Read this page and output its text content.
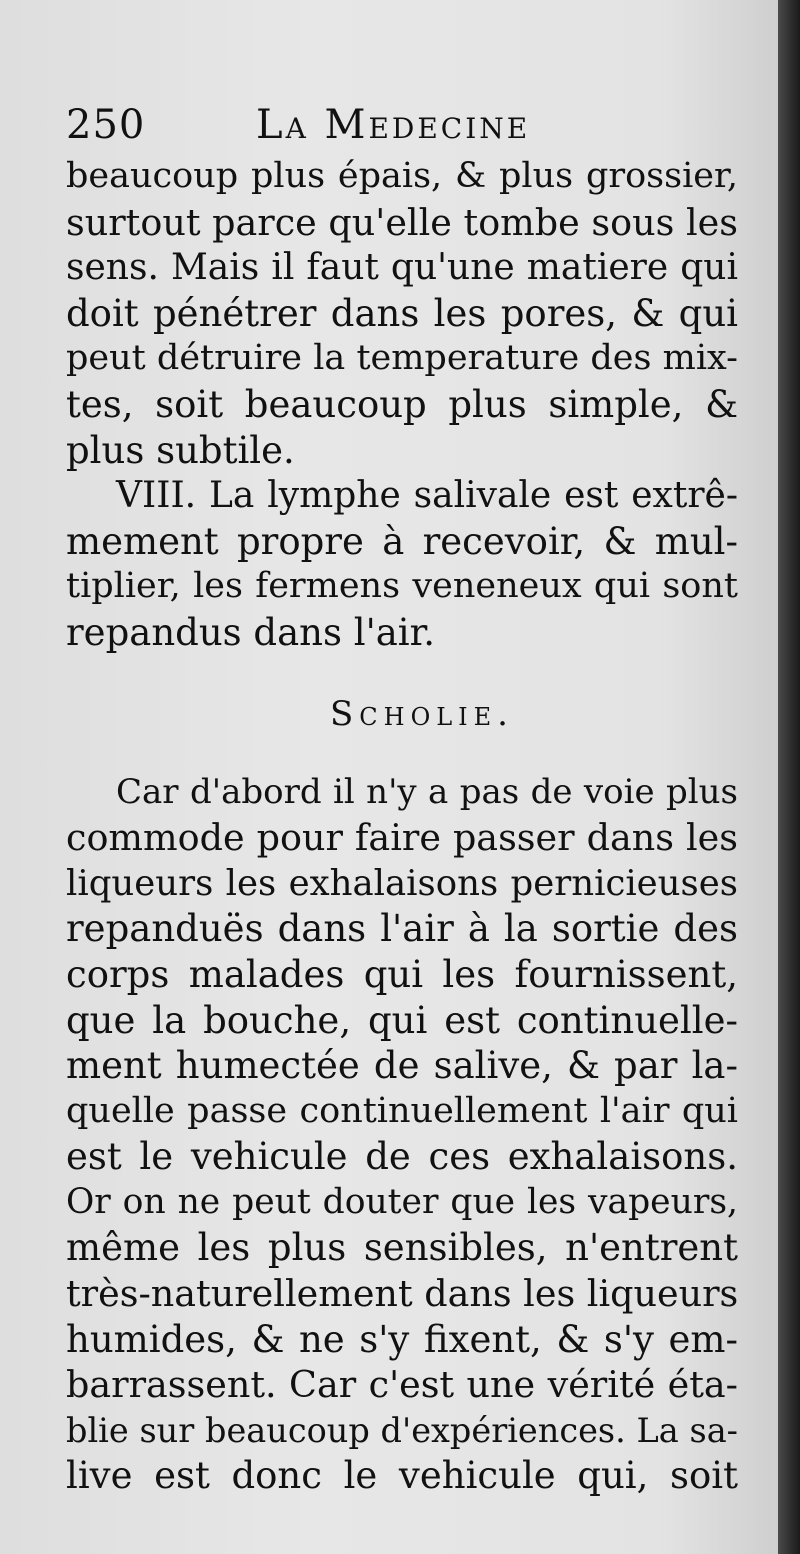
250	La Medecine
beaucoup plus épais, & plus grossier,
surtout parce qu'elle tombe sous les
sens. Mais il faut qu'une matiere qui
doit pénétrer dans les pores, & qui
peut détruire la temperature des mix-
tes, soit beaucoup plus simple, &
plus subtile.
VIII. La lymphe salivale est extrê-
mement propre à recevoir, & mul-
tiplier, les fermens veneneux qui sont
repandus dans l'air.
Scholie.
Car d'abord il n'y a pas de voie plus
commode pour faire passer dans les
liqueurs les exhalaisons pernicieuses
repanduës dans l'air à la sortie des
corps malades qui les fournissent,
que la bouche, qui est continuelle-
ment humectée de salive, & par la-
quelle passe continuellement l'air qui
est le vehicule de ces exhalaisons.
Or on ne peut douter que les vapeurs,
même les plus sensibles, n'entrent
très-naturellement dans les liqueurs
humides, & ne s'y fixent, & s'y em-
barrassent. Car c'est une vérité éta-
blie sur beaucoup d'expériences. La sa-
live est donc le vehicule qui, soit
